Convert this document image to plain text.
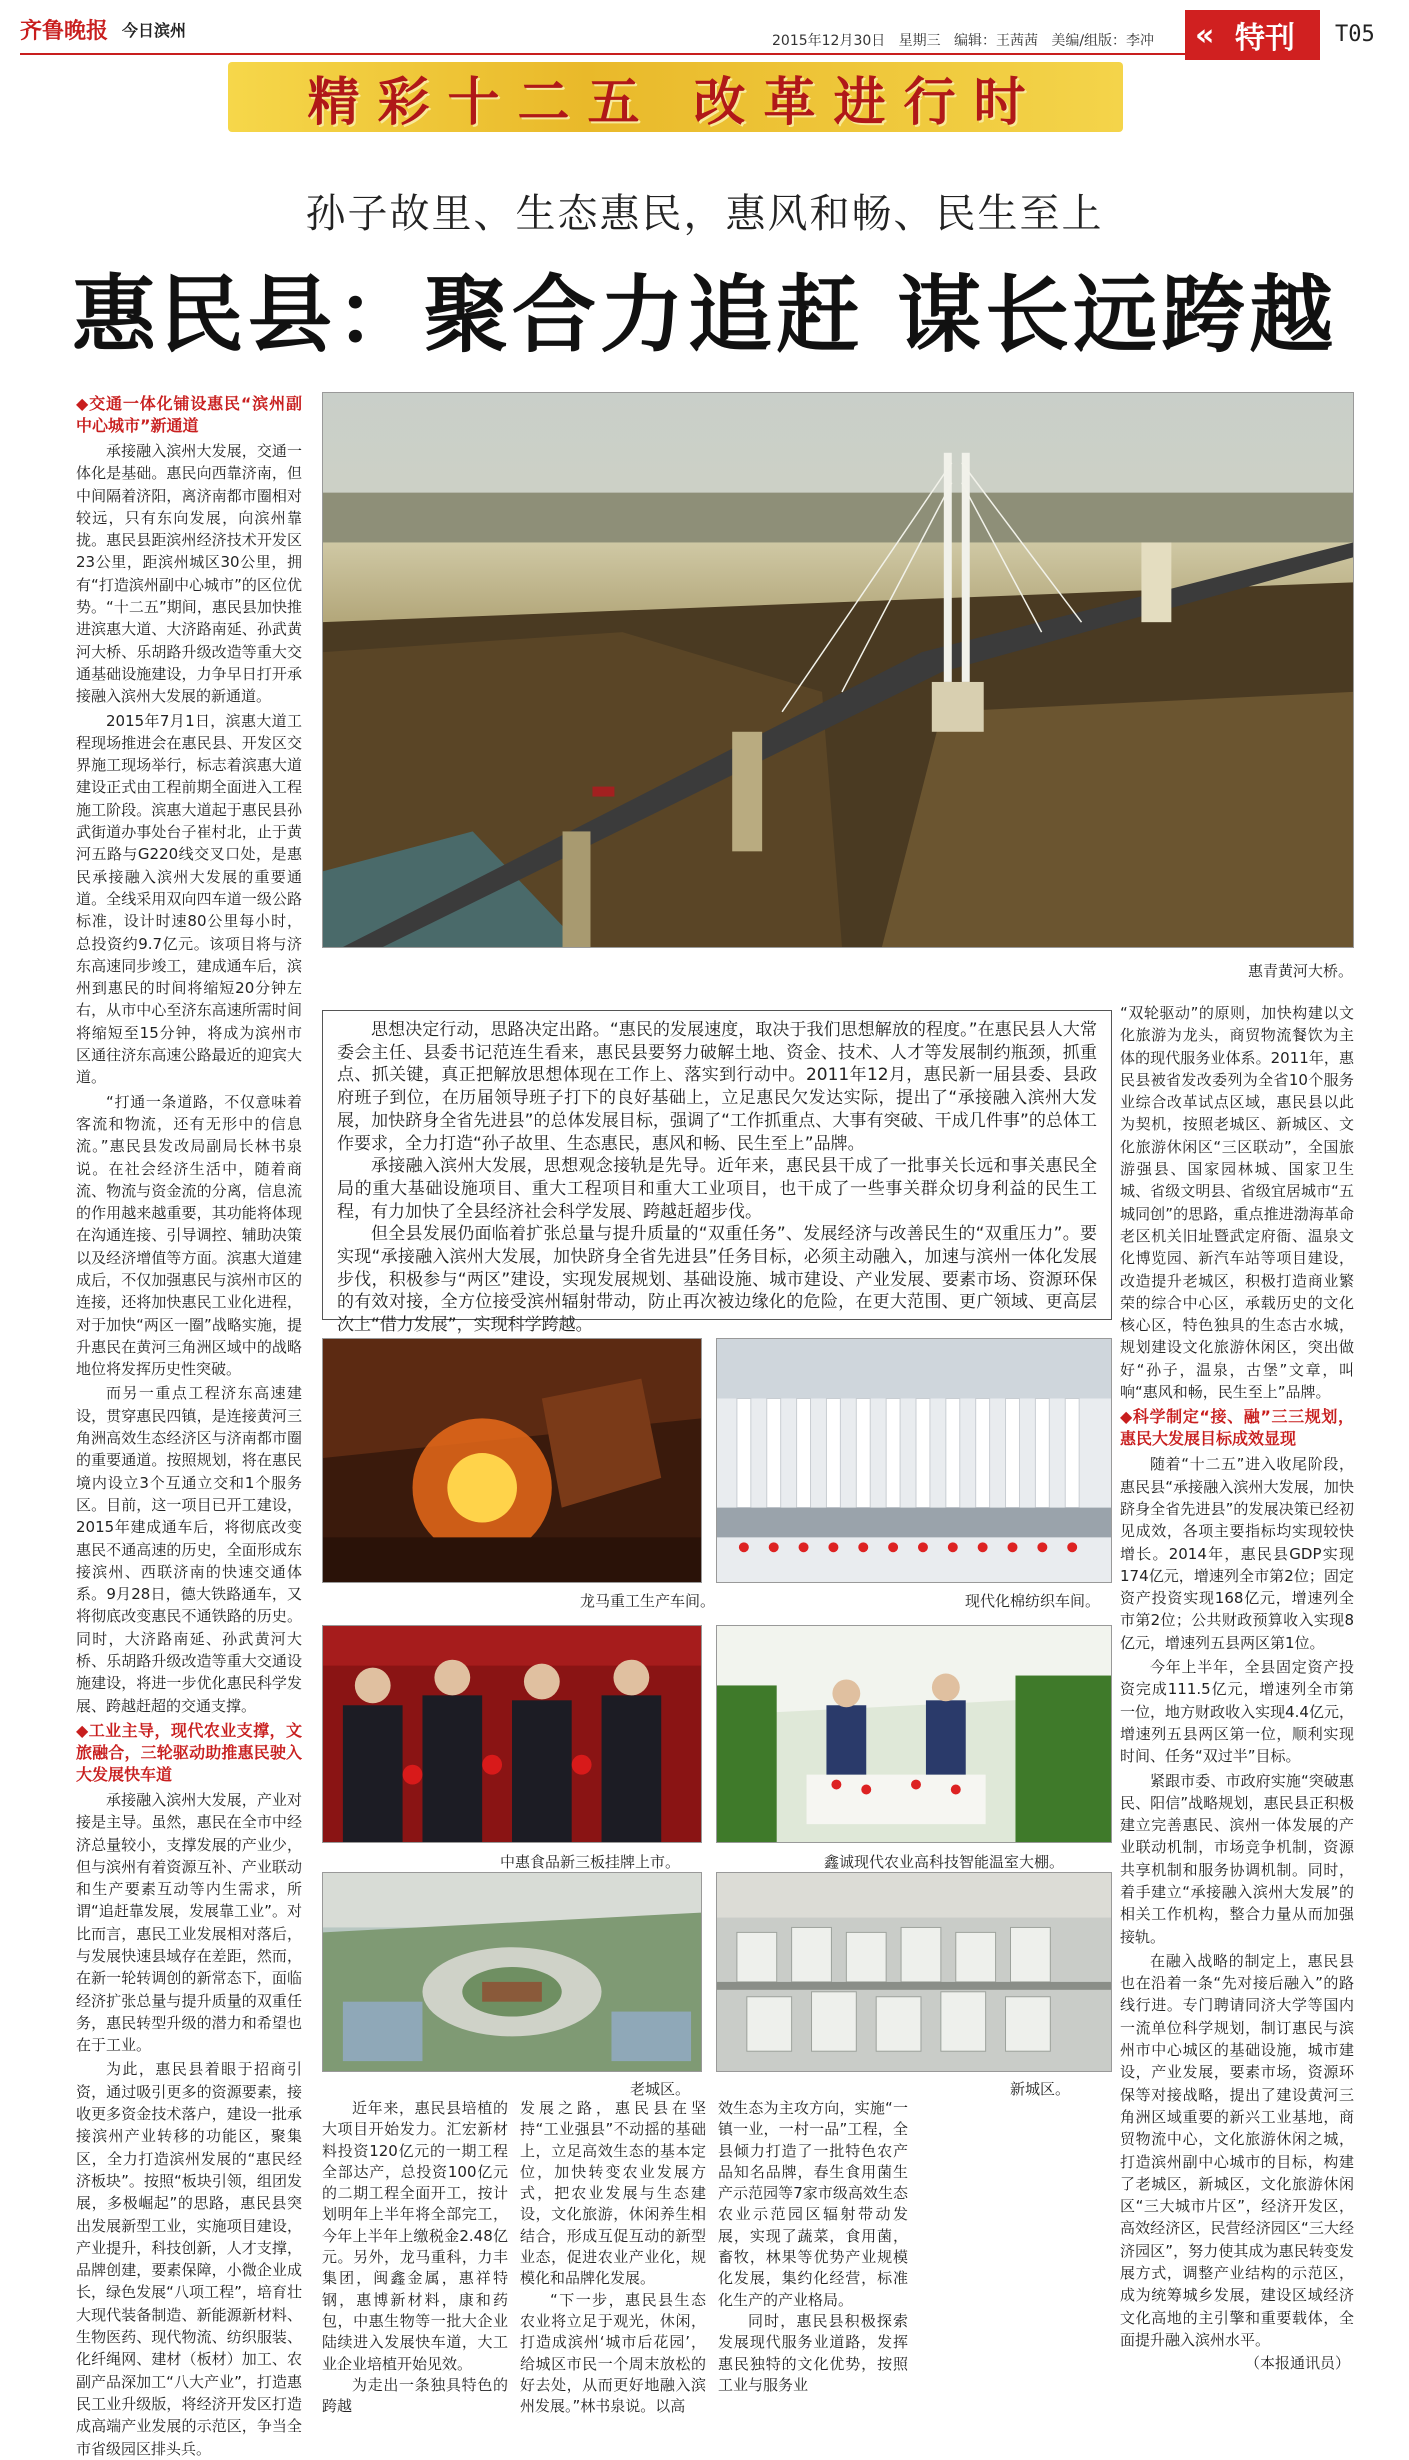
齐鲁晚报 今日滨州
2015年12月30日 星期三 编辑：王茜茜 美编/组版：李冲	特刊
«	T05
精彩十二五 改革进行时
孙子故里、生态惠民，惠风和畅、民生至上
惠民县：聚合力追赶 谋长远跨越
◆交通一体化铺设惠民“滨州副中心城市”新通道

承接融入滨州大发展，交通一体化是基础。惠民向西靠济南，但中间隔着济阳，离济南都市圈相对较远，只有东向发展，向滨州靠拢。惠民县距滨州经济技术开发区23公里，距滨州城区30公里，拥有“打造滨州副中心城市”的区位优势。“十二五”期间，惠民县加快推进滨惠大道、大济路南延、孙武黄河大桥、乐胡路升级改造等重大交通基础设施建设，力争早日打开承接融入滨州大发展的新通道。

2015年7月1日，滨惠大道工程现场推进会在惠民县、开发区交界施工现场举行，标志着滨惠大道建设正式由工程前期全面进入工程施工阶段。滨惠大道起于惠民县孙武街道办事处台子崔村北，止于黄河五路与G220线交叉口处，是惠民承接融入滨州大发展的重要通道。全线采用双向四车道一级公路标准，设计时速80公里每小时，总投资约9.7亿元。该项目将与济东高速同步竣工，建成通车后，滨州到惠民的时间将缩短20分钟左右，从市中心至济东高速所需时间将缩短至15分钟，将成为滨州市区通往济东高速公路最近的迎宾大道。

“打通一条道路，不仅意味着客流和物流，还有无形中的信息流。”惠民县发改局副局长林书泉说。在社会经济生活中，随着商流、物流与资金流的分离，信息流的作用越来越重要，其功能将体现在沟通连接、引导调控、辅助决策以及经济增值等方面。滨惠大道建成后，不仅加强惠民与滨州市区的连接，还将加快惠民工业化进程，对于加快“两区一圈”战略实施，提升惠民在黄河三角洲区域中的战略地位将发挥历史性突破。

而另一重点工程济东高速建设，贯穿惠民四镇，是连接黄河三角洲高效生态经济区与济南都市圈的重要通道。按照规划，将在惠民境内设立3个互通立交和1个服务区。目前，这一项目已开工建设，2015年建成通车后，将彻底改变惠民不通高速的历史，全面形成东接滨州、西联济南的快速交通体系。9月28日，德大铁路通车，又将彻底改变惠民不通铁路的历史。同时，大济路南延、孙武黄河大桥、乐胡路升级改造等重大交通设施建设，将进一步优化惠民科学发展、跨越赶超的交通支撑。

◆工业主导，现代农业支撑，文旅融合，三轮驱动助推惠民驶入大发展快车道

承接融入滨州大发展，产业对接是主导。虽然，惠民在全市中经济总量较小，支撑发展的产业少，但与滨州有着资源互补、产业联动和生产要素互动等内生需求，所谓“追赶靠发展，发展靠工业”。对比而言，惠民工业发展相对落后，与发展快速县域存在差距，然而，在新一轮转调创的新常态下，面临经济扩张总量与提升质量的双重任务，惠民转型升级的潜力和希望也在于工业。

为此，惠民县着眼于招商引资，通过吸引更多的资源要素，接收更多资金技术落户，建设一批承接滨州产业转移的功能区，聚集区，全力打造滨州发展的“惠民经济板块”。按照“板块引领，组团发展，多极崛起”的思路，惠民县突出发展新型工业，实施项目建设，产业提升，科技创新，人才支撑，品牌创建，要素保障，小微企业成长，绿色发展“八项工程”，培育壮大现代装备制造、新能源新材料、生物医药、现代物流、纺织服装、化纤绳网、建材（板材）加工、农副产品深加工“八大产业”，打造惠民工业升级版，将经济开发区打造成高端产业发展的示范区，争当全市省级园区排头兵。

惠青黄河大桥。

思想决定行动，思路决定出路。“惠民的发展速度，取决于我们思想解放的程度。”在惠民县人大常委会主任、县委书记范连生看来，惠民县要努力破解土地、资金、技术、人才等发展制约瓶颈，抓重点、抓关键，真正把解放思想体现在工作上、落实到行动中。2011年12月，惠民新一届县委、县政府班子到位，在历届领导班子打下的良好基础上，立足惠民欠发达实际，提出了“承接融入滨州大发展，加快跻身全省先进县”的总体发展目标，强调了“工作抓重点、大事有突破、干成几件事”的总体工作要求，全力打造“孙子故里、生态惠民，惠风和畅、民生至上”品牌。

承接融入滨州大发展，思想观念接轨是先导。近年来，惠民县干成了一批事关长远和事关惠民全局的重大基础设施项目、重大工程项目和重大工业项目，也干成了一些事关群众切身利益的民生工程，有力加快了全县经济社会科学发展、跨越赶超步伐。

但全县发展仍面临着扩张总量与提升质量的“双重任务”、发展经济与改善民生的“双重压力”。要实现“承接融入滨州大发展，加快跻身全省先进县”任务目标，必须主动融入，加速与滨州一体化发展步伐，积极参与“两区”建设，实现发展规划、基础设施、城市建设、产业发展、要素市场、资源环保的有效对接，全方位接受滨州辐射带动，防止再次被边缘化的危险，在更大范围、更广领域、更高层次上“借力发展”，实现科学跨越。

“双轮驱动”的原则，加快构建以文化旅游为龙头，商贸物流餐饮为主体的现代服务业体系。2011年，惠民县被省发改委列为全省10个服务业综合改革试点区域，惠民县以此为契机，按照老城区、新城区、文化旅游休闲区“三区联动”，全国旅游强县、国家园林城、国家卫生城、省级文明县、省级宜居城市“五城同创”的思路，重点推进渤海革命老区机关旧址暨武定府衙、温泉文化博览园、新汽车站等项目建设，改造提升老城区，积极打造商业繁荣的综合中心区，承载历史的文化核心区，特色独具的生态古水城，规划建设文化旅游休闲区，突出做好“孙子，温泉，古堡”文章，叫响“惠风和畅，民生至上”品牌。

◆科学制定“接、融”三三规划，惠民大发展目标成效显现

随着“十二五”进入收尾阶段，惠民县“承接融入滨州大发展，加快跻身全省先进县”的发展决策已经初见成效，各项主要指标均实现较快增长。2014年，惠民县GDP实现174亿元，增速列全市第2位；固定资产投资实现168亿元，增速列全市第2位；公共财政预算收入实现8亿元，增速列五县两区第1位。

今年上半年，全县固定资产投资完成111.5亿元，增速列全市第一位，地方财政收入实现4.4亿元，增速列五县两区第一位，顺利实现时间、任务“双过半”目标。

紧跟市委、市政府实施“突破惠民、阳信”战略规划，惠民县正积极建立完善惠民、滨州一体发展的产业联动机制，市场竞争机制，资源共享机制和服务协调机制。同时，着手建立“承接融入滨州大发展”的相关工作机构，整合力量从而加强接轨。

在融入战略的制定上，惠民县也在沿着一条“先对接后融入”的路线行进。专门聘请同济大学等国内一流单位科学规划，制订惠民与滨州市中心城区的基础设施，城市建设，产业发展，要素市场，资源环保等对接战略，提出了建设黄河三角洲区域重要的新兴工业基地，商贸物流中心，文化旅游休闲之城，打造滨州副中心城市的目标，构建了老城区，新城区，文化旅游休闲区“三大城市片区”，经济开发区，高效经济区，民营经济园区“三大经济园区”，努力使其成为惠民转变发展方式，调整产业结构的示范区，成为统筹城乡发展，建设区域经济文化高地的主引擎和重要载体，全面提升融入滨州水平。

龙马重工生产车间。	现代化棉纺织车间。
中惠食品新三板挂牌上市。	鑫诚现代农业高科技智能温室大棚。
老城区。	新城区。

近年来，惠民县培植的大项目开始发力。汇宏新材料投资120亿元的一期工程全部达产，总投资100亿元的二期工程全面开工，按计划明年上半年将全部完工，今年上半年上缴税金2.48亿元。另外，龙马重科，力丰集团，闽鑫金属，惠祥特钢，惠博新材料，康和药包，中惠生物等一批大企业陆续进入发展快车道，大工业企业培植开始见效。

为走出一条独具特色的跨越

发展之路，惠民县在坚持“工业强县”不动摇的基础上，立足高效生态的基本定位，加快转变农业发展方式，把农业发展与生态建设，文化旅游，休闲养生相结合，形成互促互动的新型业态，促进农业产业化，规模化和品牌化发展。

“下一步，惠民县生态农业将立足于观光，休闲，打造成滨州‘城市后花园’，给城区市民一个周末放松的好去处，从而更好地融入滨州发展。”林书泉说。以高

效生态为主攻方向，实施“一镇一业，一村一品”工程，全县倾力打造了一批特色农产品知名品牌，春生食用菌生产示范园等7家市级高效生态农业示范园区辐射带动发展，实现了蔬菜，食用菌，畜牧，林果等优势产业规模化发展，集约化经营，标准化生产的产业格局。

同时，惠民县积极探索发展现代服务业道路，发挥惠民独特的文化优势，按照工业与服务业

（本报通讯员）
